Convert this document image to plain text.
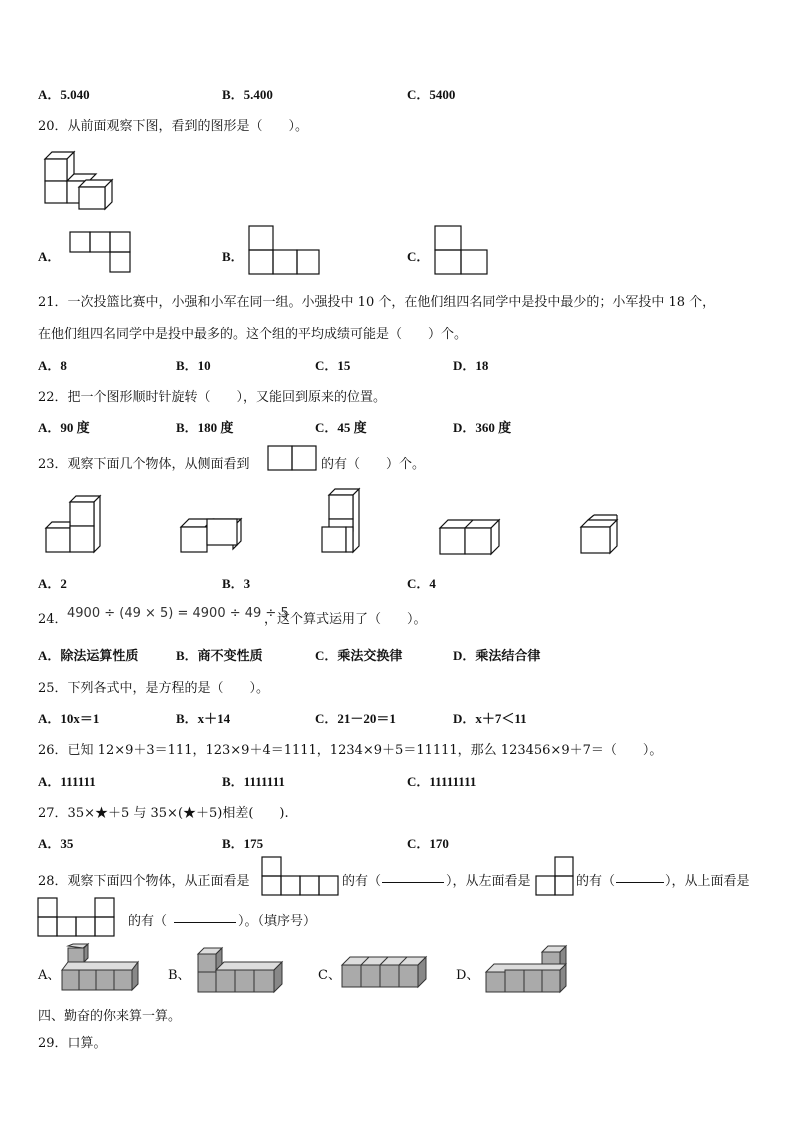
A．5.040	B．5.400	C．5400
20．从前面观察下图，看到的图形是（　　）。
A．	B．	C．
21．一次投篮比赛中，小强和小军在同一组。小强投中 10 个，在他们组四名同学中是投中最少的；小军投中 18 个，
在他们组四名同学中是投中最多的。这个组的平均成绩可能是（　　）个。
A．8	B．10	C．15	D．18
22．把一个图形顺时针旋转（　　），又能回到原来的位置。
A．90 度	B．180 度	C．45 度	D．360 度
23．观察下面几个物体，从侧面看到	的有（　　）个。
A．2	B．3	C．4
24． 4900 ÷ (49 × 5) = 4900 ÷ 49 ÷ 5
，这个算式运用了（　　）。
A．除法运算性质	B．商不变性质	C．乘法交换律	D．乘法结合律
25．下列各式中，是方程的是（　　）。
A．10x＝1	B．x＋14	C．21－20＝1	D．x＋7＜11
26．已知 12×9＋3＝111，123×9＋4＝1111，1234×9＋5＝11111，那么 123456×9＋7＝（　　）。
A．111111	B．1111111	C．11111111
27．35×★＋5 与 35×(★＋5)相差(　　).
A．35	B．175	C．170
28．观察下面四个物体，从正面看是	的有（	），从左面看是	的有（	），从上面看是
的有（	）。（填序号）
A、	B、	C、	D、
四、勤奋的你来算一算。
29．口算。
